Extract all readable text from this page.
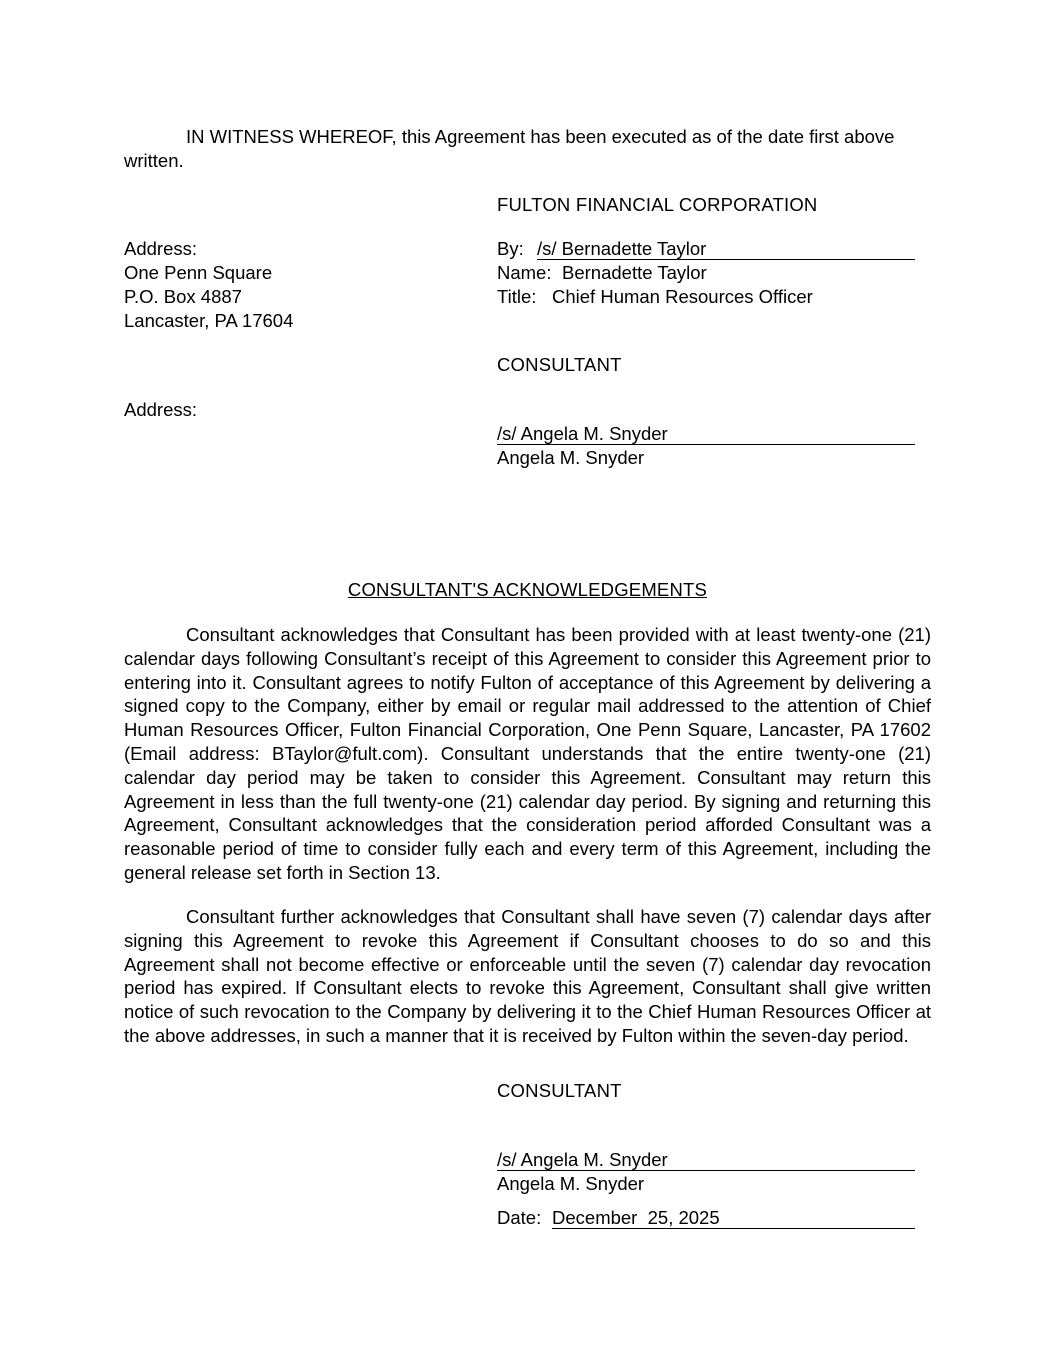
IN WITNESS WHEREOF, this Agreement has been executed as of the date first above
written.
FULTON FINANCIAL CORPORATION
Address:
One Penn Square
P.O. Box 4887
Lancaster, PA 17604
By: /s/ Bernadette Taylor
Name: Bernadette Taylor
Title: Chief Human Resources Officer
CONSULTANT
Address:
/s/ Angela M. Snyder
Angela M. Snyder
CONSULTANT'S ACKNOWLEDGEMENTS
Consultant acknowledges that Consultant has been provided with at least twenty-one (21) calendar days following Consultant’s receipt of this Agreement to consider this Agreement prior to entering into it. Consultant agrees to notify Fulton of acceptance of this Agreement by delivering a signed copy to the Company, either by email or regular mail addressed to the attention of Chief Human Resources Officer, Fulton Financial Corporation, One Penn Square, Lancaster, PA 17602 (Email address: BTaylor@fult.com). Consultant understands that the entire twenty-one (21) calendar day period may be taken to consider this Agreement. Consultant may return this Agreement in less than the full twenty-one (21) calendar day period. By signing and returning this Agreement, Consultant acknowledges that the consideration period afforded Consultant was a reasonable period of time to consider fully each and every term of this Agreement, including the general release set forth in Section 13.
Consultant further acknowledges that Consultant shall have seven (7) calendar days after signing this Agreement to revoke this Agreement if Consultant chooses to do so and this Agreement shall not become effective or enforceable until the seven (7) calendar day revocation period has expired. If Consultant elects to revoke this Agreement, Consultant shall give written notice of such revocation to the Company by delivering it to the Chief Human Resources Officer at the above addresses, in such a manner that it is received by Fulton within the seven-day period.
CONSULTANT
/s/ Angela M. Snyder
Angela M. Snyder
Date: December  25, 2025
